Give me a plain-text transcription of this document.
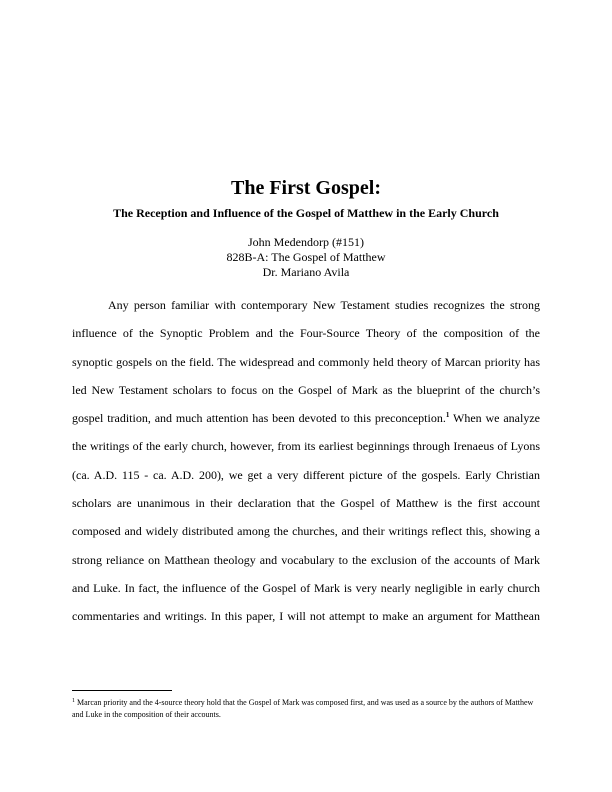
The First Gospel:
The Reception and Influence of the Gospel of Matthew in the Early Church
John Medendorp (#151)
828B-A: The Gospel of Matthew
Dr. Mariano Avila
Any person familiar with contemporary New Testament studies recognizes the strong
influence of the Synoptic Problem and the Four-Source Theory of the composition of the
synoptic gospels on the field. The widespread and commonly held theory of Marcan priority has
led New Testament scholars to focus on the Gospel of Mark as the blueprint of the church’s
gospel tradition, and much attention has been devoted to this preconception.$^1$ When we analyze
the writings of the early church, however, from its earliest beginnings through Irenaeus of Lyons
(ca. A.D. 115 - ca. A.D. 200), we get a very different picture of the gospels. Early Christian
scholars are unanimous in their declaration that the Gospel of Matthew is the first account
composed and widely distributed among the churches, and their writings reflect this, showing a
strong reliance on Matthean theology and vocabulary to the exclusion of the accounts of Mark
and Luke. In fact, the influence of the Gospel of Mark is very nearly negligible in early church
commentaries and writings. In this paper, I will not attempt to make an argument for Matthean
$^1$ Marcan priority and the 4-source theory hold that the Gospel of Mark was composed first, and was used as a source by the authors of Matthew and Luke in the composition of their accounts.
